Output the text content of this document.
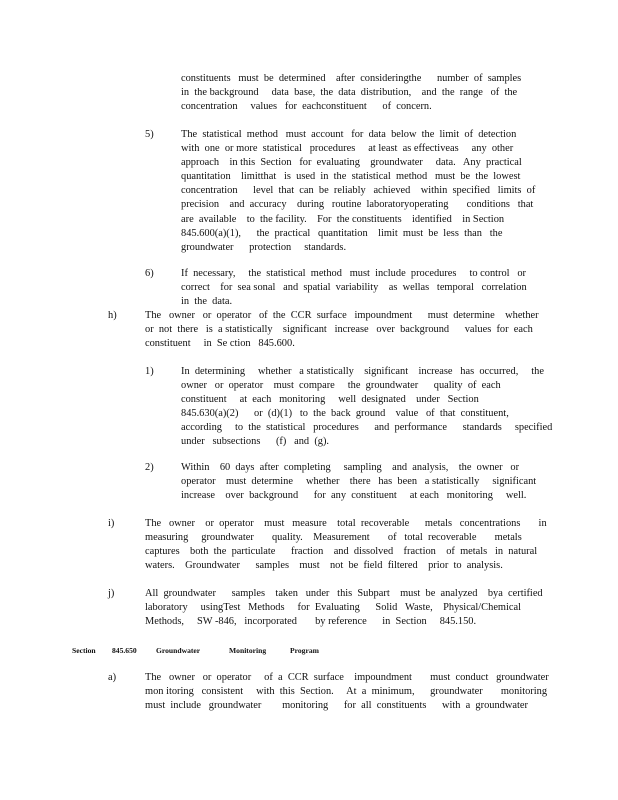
constituents   must  be  determined    after  consideringthe      number  of  samples
in  the background     data  base,  the  data  distribution,    and  the  range   of  the
concentration     values   for  eachconstituent      of  concern.
5)	The  statistical  method   must  account   for  data  below  the  limit  of  detection
with  one  or more  statistical   procedures     at least  as effectiveas     any  other
approach    in this  Section   for  evaluating    groundwater     data.   Any  practical
quantitation    limitthat   is  used  in  the  statistical  method   must  be  the  lowest
concentration      level  that  can  be  reliably   achieved    within  specified   limits  of
precision    and  accuracy    during   routine  laboratoryoperating       conditions   that
are  available    to  the facility.    For  the constituents    identified    in Section
845.600(a)(1),      the  practical   quantitation    limit  must  be  less  than   the
groundwater      protection     standards.
6)	If  necessary,     the  statistical  method   must  include  procedures     to control   or
correct    for  sea sonal   and  spatial  variability    as  wellas   temporal   correlation
in  the  data.
h)	The   owner   or  operator   of  the  CCR  surface   impoundment      must  determine    whether
or  not  there   is  a statistically    significant   increase   over  background      values  for  each
constituent     in  Se ction   845.600.
1)	In  determining     whether   a statistically    significant    increase   has  occurred,     the
owner   or  operator    must  compare     the  groundwater      quality  of  each
constituent     at  each   monitoring     well  designated    under   Section
845.630(a)(2)      or  (d)(1)   to  the  back  ground    value   of  that  constituent,
according     to  the  statistical   procedures      and  performance      standards     specified
under   subsections      (f)   and  (g).
2)	Within    60  days  after  completing     sampling    and  analysis,    the  owner   or
operator    must  determine     whether    there   has  been   a statistically     significant
increase    over  background      for  any  constituent     at each   monitoring     well.
i)	The   owner    or  operator    must   measure    total  recoverable      metals   concentrations       in
measuring     groundwater       quality.    Measurement       of   total  recoverable       metals
captures    both  the  particulate      fraction    and  dissolved    fraction    of  metals   in  natural
waters.    Groundwater      samples    must    not  be  field  filtered    prior  to  analysis.
j)	All  groundwater      samples    taken   under   this  Subpart    must  be  analyzed    bya  certified
laboratory     usingTest   Methods     for  Evaluating      Solid   Waste,    Physical/Chemical
Methods,     SW -846,   incorporated       by reference      in  Section     845.150.
Section 845.650	Groundwater	Monitoring	Program
a)	The   owner   or  operator     of  a  CCR  surface    impoundment       must  conduct   groundwater
mon itoring   consistent     with  this  Section.     At  a  minimum,      groundwater       monitoring
must  include   groundwater        monitoring      for  all  constituents      with  a  groundwater
